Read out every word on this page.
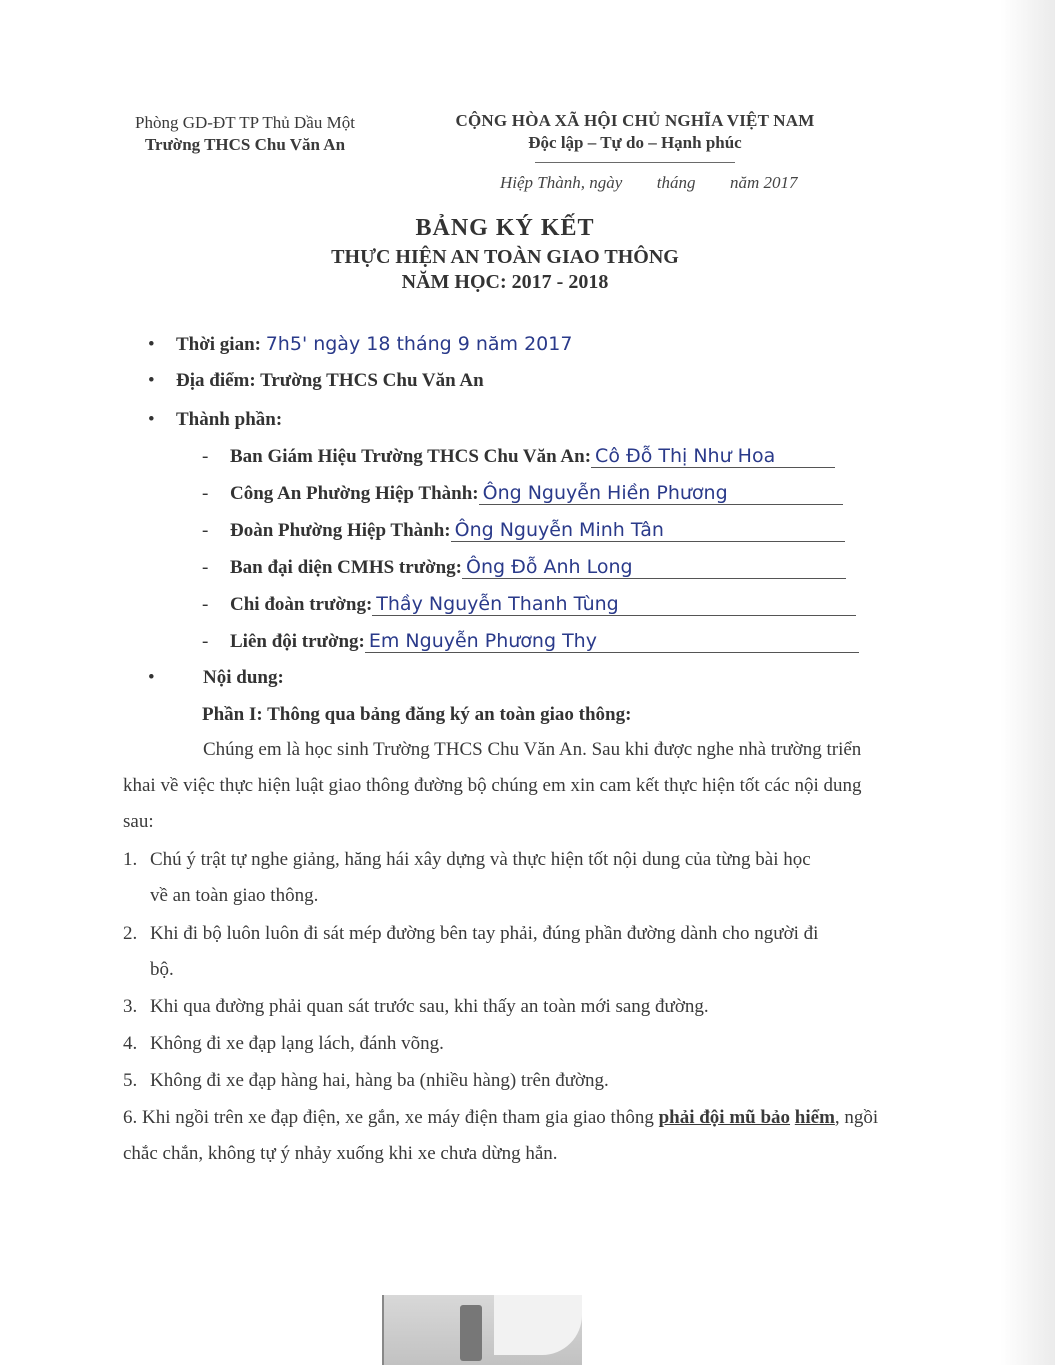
Phòng GD-ĐT TP Thủ Dầu Một
Trường THCS Chu Văn An
CỘNG HÒA XÃ HỘI CHỦ NGHĨA VIỆT NAM
Độc lập – Tự do – Hạnh phúc
Hiệp Thành, ngày tháng năm 2017
BẢNG KÝ KẾT
THỰC HIỆN AN TOÀN GIAO THÔNG
NĂM HỌC: 2017 - 2018
• Thời gian: 7h5' ngày 18 tháng 9 năm 2017
• Địa điểm: Trường THCS Chu Văn An
• Thành phần:
- Ban Giám Hiệu Trường THCS Chu Văn An: Cô Đỗ Thị Như Hoa
- Công An Phường Hiệp Thành: Ông Nguyễn Hiền Phương
- Đoàn Phường Hiệp Thành: Ông Nguyễn Minh Tân
- Ban đại diện CMHS trường: Ông Đỗ Anh Long
- Chi đoàn trường: Thầy Nguyễn Thanh Tùng
- Liên đội trường: Em Nguyễn Phương Thy
•	Nội dung:
Phần I: Thông qua bảng đăng ký an toàn giao thông:
Chúng em là học sinh Trường THCS Chu Văn An. Sau khi được nghe nhà trường triển khai về việc thực hiện luật giao thông đường bộ chúng em xin cam kết thực hiện tốt các nội dung sau:
1. Chú ý trật tự nghe giảng, hăng hái xây dựng và thực hiện tốt nội dung của từng bài học
về an toàn giao thông.
2. Khi đi bộ luôn luôn đi sát mép đường bên tay phải, đúng phần đường dành cho người đi
bộ.
3. Khi qua đường phải quan sát trước sau, khi thấy an toàn mới sang đường.
4. Không đi xe đạp lạng lách, đánh võng.
5. Không đi xe đạp hàng hai, hàng ba (nhiều hàng) trên đường.
6. Khi ngồi trên xe đạp điện, xe gắn, xe máy điện tham gia giao thông phải đội mũ bảo hiểm, ngồi chắc chắn, không tự ý nhảy xuống khi xe chưa dừng hẳn.
